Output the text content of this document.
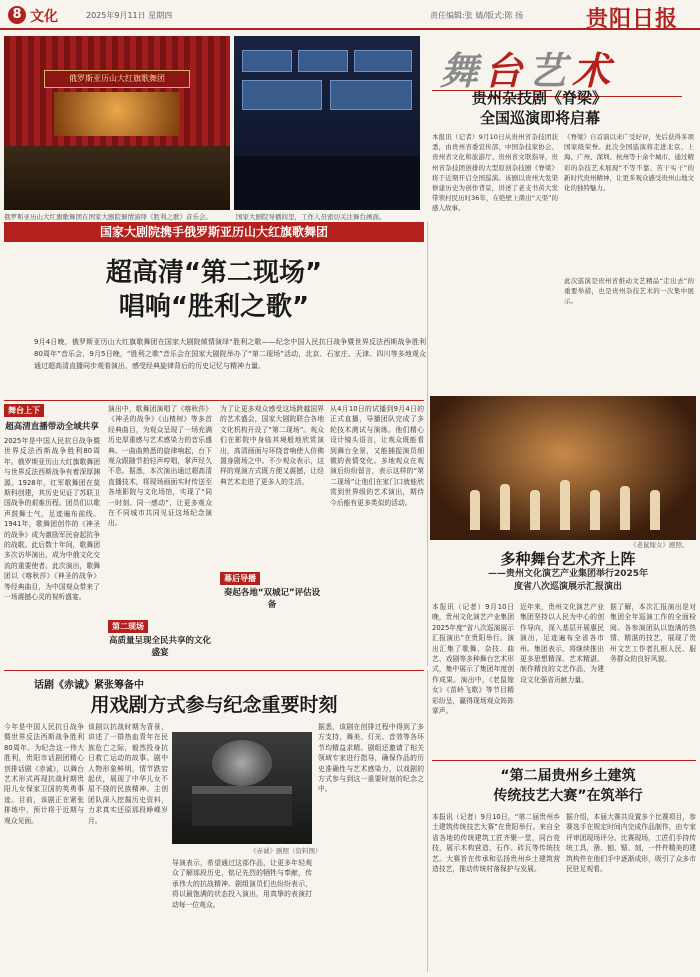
8 文化	2025年9月11日 星期四	责任编辑:张 婧/版式:陈 扬	贵阳日报
俄罗斯亚历山大红旗歌舞团
俄罗斯亚历山大红旗歌舞团在国家大剧院倾情演绎《胜利之歌》音乐会。	国家大剧院导播间里，工作人员密切关注舞台画面。
舞台艺术
贵州杂技剧《脊梁》
全国巡演即将启幕
本报讯（记者）9月10日从贵州省杂技团获悉，由贵州省委宣传部、中国杂技家协会、贵州省文化和旅游厅、贵州省文联指导，贵州省杂技团创排的大型原创杂技剧《脊梁》将于近期开启全国巡演。该剧以贵州大发渠修建历史为创作背景，讲述了老支书黄大发带领村民历时36年，在绝壁上凿出“天渠”的感人故事。
《脊梁》自首演以来广受好评，先后获得多项国家级荣誉。此次全国巡演将走进北京、上海、广州、深圳、杭州等十余个城市，通过精彩的杂技艺术展现“不等不靠、苦干实干”的新时代贵州精神，让更多观众感受贵州山地文化的独特魅力。
此次巡演是贵州省推动文艺精品“走出去”的重要举措，也是贵州杂技艺术的一次集中展示。
国家大剧院携手俄罗斯亚历山大红旗歌舞团
超高清“第二现场”
唱响“胜利之歌”
9月4日晚，俄罗斯亚历山大红旗歌舞团在国家大剧院倾情演绎“胜利之歌——纪念中国人民抗日战争暨世界反法西斯战争胜利80周年”音乐会，9月5日晚，“胜利之歌”音乐会在国家大剧院举办了“第二现场”活动，北京、石家庄、天津、四川等多地观众通过超高清直播同步观看演出，感受经典旋律背后的历史记忆与精神力量。
舞台上下
超高清直播带动全域共享
2025年是中国人民抗日战争暨世界反法西斯战争胜利80周年。俄罗斯亚历山大红旗歌舞团与世界反法西斯战争有着深厚渊源。1928年，红军歌舞团在莫斯科创建，其历史见证了苏联卫国战争的艰难历程。团员们以歌声鼓舞士气，足迹遍布前线。1941年，歌舞团创作的《神圣的战争》成为激励军民奋起抗争的战歌。此后数十年间，歌舞团多次访华演出，成为中俄文化交流的重要使者。此次演出，歌舞团以《喀秋莎》《神圣的战争》等经典曲目，为中国观众带来了一场震撼心灵的视听盛宴。
演出中，歌舞团演唱了《喀秋莎》《神圣的战争》《山楂树》等多首经典曲目，为观众呈现了一场充满历史厚重感与艺术感染力的音乐盛典。一曲曲熟悉的旋律响起，台下观众跟随节拍轻声哼唱，掌声经久不息。据悉，本次演出通过超高清直播技术，将现场画面实时传送至各地影院与文化场馆，实现了“同一时刻、同一感动”，让更多观众在不同城市共同见证这场纪念演出。
第二现场
高质量呈现全民共享的文化盛宴
为了让更多观众感受这场跨越国界的艺术盛会，国家大剧院联合各地文化机构开设了“第二现场”。观众们在影院中身临其境般地欣赏演出，高清画面与环绕音响使人仿佛置身剧场之中。不少观众表示，这样的观演方式既方便又震撼，让经典艺术走进了更多人的生活。
幕后导播
奏起各地“双城记”评估设备
从4月10日的试播到9月4日的正式直播，导播团队完成了多轮技术测试与演练。他们精心设计镜头语言，让观众既能看到舞台全景，又能捕捉演员细微的表情变化。多地观众在观演后纷纷留言，表示这样的“第二现场”让他们在家门口就能欣赏到世界级的艺术演出，期待今后能有更多类似的活动。
《老鼠嫁女》剧照。
多种舞台艺术齐上阵
——贵州文化演艺产业集团举行2025年
度省八次巡演展示汇报演出
本报讯（记者）9月10日晚，贵州文化演艺产业集团2025年度“省八次巡演展示汇报演出”在贵阳举行。演出汇集了歌舞、杂技、曲艺、戏剧等多种舞台艺术形式，集中展示了集团年度创作成果。演出中，《老鼠嫁女》《苗岭飞歌》等节目精彩纷呈，赢得现场观众阵阵掌声。
近年来，贵州文化演艺产业集团坚持以人民为中心的创作导向，深入基层开展惠民演出，足迹遍布全省各市州。集团表示，将继续推出更多思想精深、艺术精湛、制作精良的文艺作品，为建设文化强省贡献力量。
据了解，本次汇报演出是对集团全年巡演工作的全面检阅。各参演团队以饱满的热情、精湛的技艺，展现了贵州文艺工作者扎根人民、服务群众的良好风貌。
话剧《赤诚》紧张筹备中
用戏剧方式参与纪念重要时刻
今年是中国人民抗日战争暨世界反法西斯战争胜利80周年。为纪念这一伟大胜利，贵阳市话剧团精心创排话剧《赤诚》，以舞台艺术形式再现抗战时期贵阳儿女保家卫国的英勇事迹。目前，该剧正在紧张排练中，预计将于近期与观众见面。
该剧以抗战时期为背景，讲述了一群热血青年在民族危亡之际，毅然投身抗日救亡运动的故事。剧中人物形象鲜明，情节跌宕起伏，展现了中华儿女不屈不挠的民族精神。主创团队深入挖掘历史资料，力求真实还原那段峥嵘岁月。
《赤诚》剧照（资料图）
导演表示，希望通过这部作品，让更多年轻观众了解那段历史，铭记先烈的牺牲与奉献，传承伟大的抗战精神。剧组演员们也纷纷表示，将以最饱满的状态投入演出，用真挚的表演打动每一位观众。
据悉，该剧在创排过程中得到了多方支持，舞美、灯光、音效等各环节均精益求精。剧组还邀请了相关领域专家进行指导，确保作品的历史准确性与艺术感染力，以戏剧的方式参与到这一重要时刻的纪念之中。
“第二届贵州乡土建筑
传统技艺大赛”在筑举行
本报讯（记者）9月10日，“第二届贵州乡土建筑传统技艺大赛”在贵阳举行。来自全省各地的传统建筑工匠齐聚一堂，同台竞技，展示木构营造、石作、砖瓦等传统技艺。大赛旨在传承和弘扬贵州乡土建筑营造技艺，推动传统村落保护与发展。
据介绍，本届大赛共设置多个比赛项目，参赛选手在规定时间内完成作品制作，由专家评审团现场评分。比赛现场，工匠们手持传统工具，凿、刨、锯、刻，一件件精美的建筑构件在他们手中逐渐成形，吸引了众多市民驻足观看。
